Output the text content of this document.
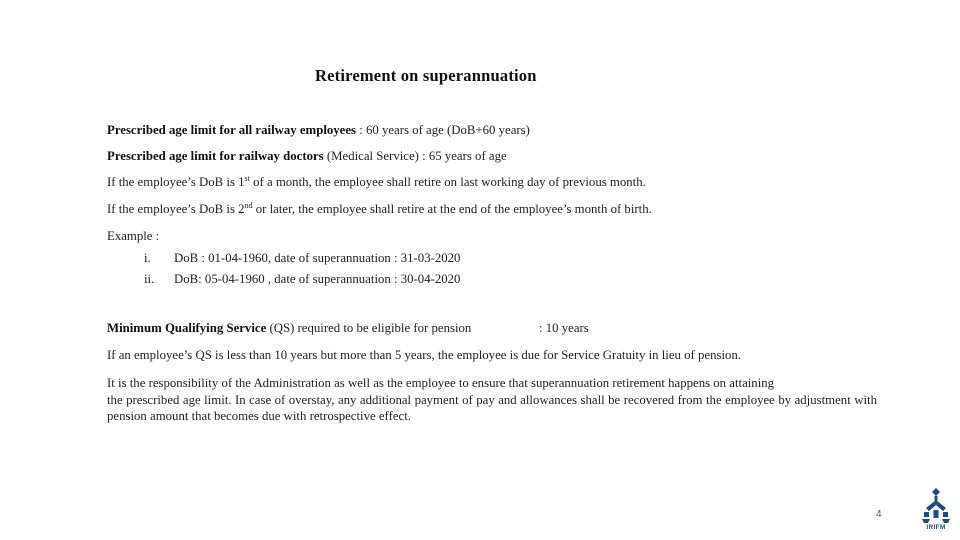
Retirement on superannuation
Prescribed age limit for all railway employees : 60 years of age (DoB+60 years)
Prescribed age limit for railway doctors (Medical Service) : 65 years of age
If the employee’s DoB is 1st of a month, the employee shall retire on last working day of previous month.
If the employee’s DoB is 2nd or later, the employee shall retire at the end of the employee’s month of birth.
Example :
i. DoB : 01-04-1960, date of superannuation : 31-03-2020
ii. DoB: 05-04-1960 , date of superannuation : 30-04-2020
Minimum Qualifying Service (QS) required to be eligible for pension	: 10 years
If an employee’s QS is less than 10 years but more than 5 years, the employee is due for Service Gratuity in lieu of pension.
It is the responsibility of the Administration as well as the employee to ensure that superannuation retirement happens on attaining
the prescribed age limit. In case of overstay, any additional payment of pay and allowances shall be recovered from the employee by adjustment with pension amount that becomes due with retrospective effect.
4
IRIFM
